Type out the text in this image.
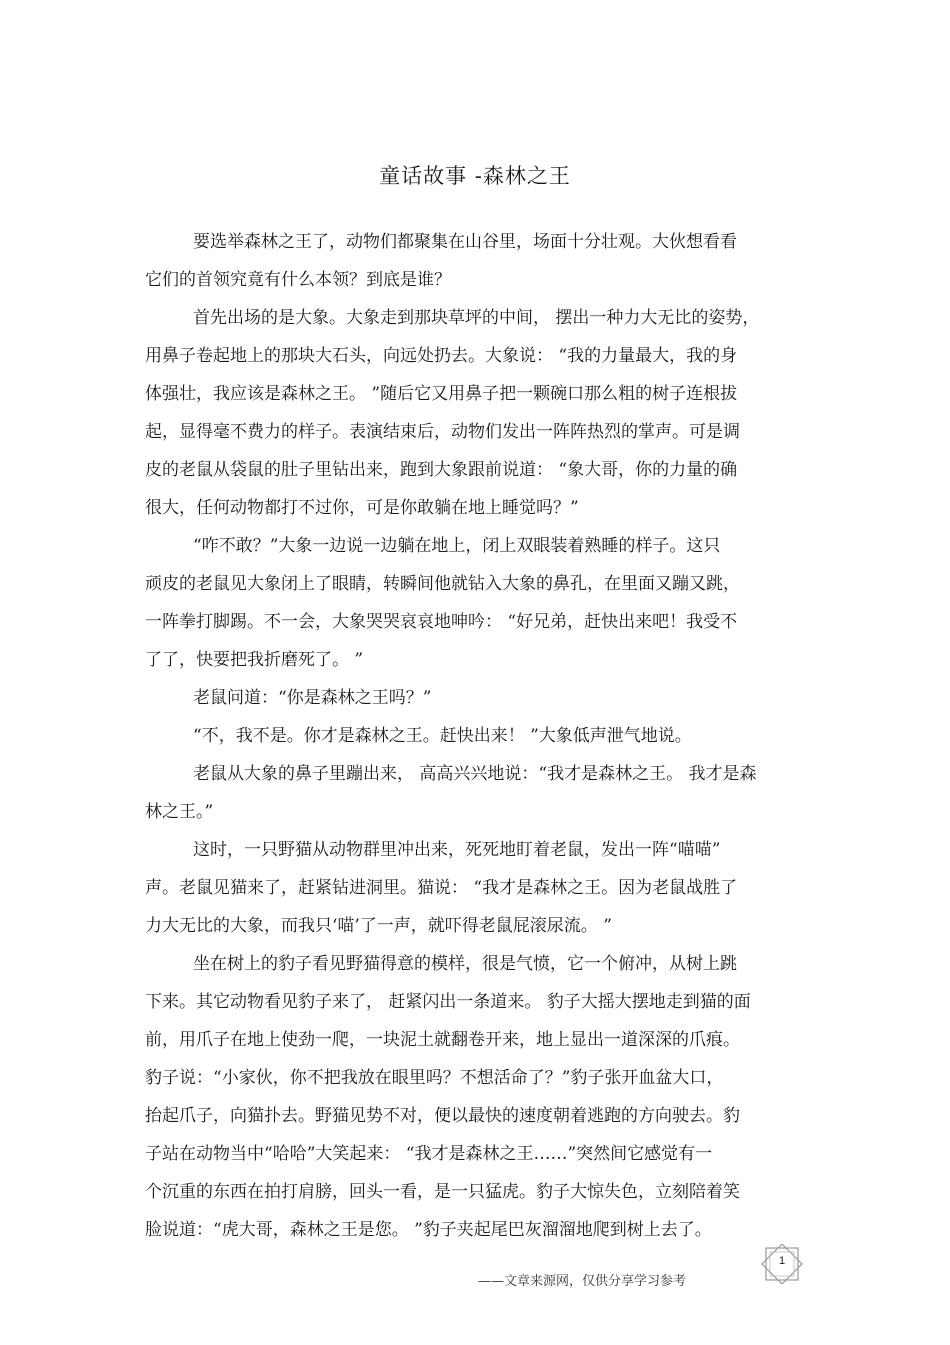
童话故事 -森林之王
要选举森林之王了，动物们都聚集在山谷里，场面十分壮观。大伙想看看
它们的首领究竟有什么本领？到底是谁？
首先出场的是大象。大象走到那块草坪的中间， 摆出一种力大无比的姿势，
用鼻子卷起地上的那块大石头，向远处扔去。大象说： “我的力量最大，我的身
体强壮，我应该是森林之王。 ”随后它又用鼻子把一颗碗口那么粗的树子连根拔
起，显得毫不费力的样子。表演结束后，动物们发出一阵阵热烈的掌声。可是调
皮的老鼠从袋鼠的肚子里钻出来，跑到大象跟前说道： “象大哥，你的力量的确
很大，任何动物都打不过你，可是你敢躺在地上睡觉吗？”
“咋不敢？”大象一边说一边躺在地上，闭上双眼装着熟睡的样子。这只
顽皮的老鼠见大象闭上了眼睛，转瞬间他就钻入大象的鼻孔，在里面又蹦又跳，
一阵拳打脚踢。不一会，大象哭哭哀哀地呻吟： “好兄弟，赶快出来吧！我受不
了了，快要把我折磨死了。 ”
老鼠问道：“你是森林之王吗？”
“不，我不是。你才是森林之王。赶快出来！ ”大象低声泄气地说。
老鼠从大象的鼻子里蹦出来， 高高兴兴地说：“我才是森林之王。 我才是森
林之王。”
这时，一只野猫从动物群里冲出来，死死地盯着老鼠，发出一阵“喵喵”
声。老鼠见猫来了，赶紧钻进洞里。猫说： “我才是森林之王。因为老鼠战胜了
力大无比的大象，而我只‘喵’了一声，就吓得老鼠屁滚尿流。 ”
坐在树上的豹子看见野猫得意的模样，很是气愤，它一个俯冲，从树上跳
下来。其它动物看见豹子来了， 赶紧闪出一条道来。 豹子大摇大摆地走到猫的面
前，用爪子在地上使劲一爬，一块泥土就翻卷开来，地上显出一道深深的爪痕。
豹子说：“小家伙，你不把我放在眼里吗？不想活命了？”豹子张开血盆大口，
抬起爪子，向猫扑去。野猫见势不对，便以最快的速度朝着逃跑的方向驶去。豹
子站在动物当中“哈哈”大笑起来： “我才是森林之王……”突然间它感觉有一
个沉重的东西在拍打肩膀，回头一看，是一只猛虎。豹子大惊失色，立刻陪着笑
脸说道：“虎大哥，森林之王是您。 ”豹子夹起尾巴灰溜溜地爬到树上去了。
——文章来源网，仅供分享学习参考
1
